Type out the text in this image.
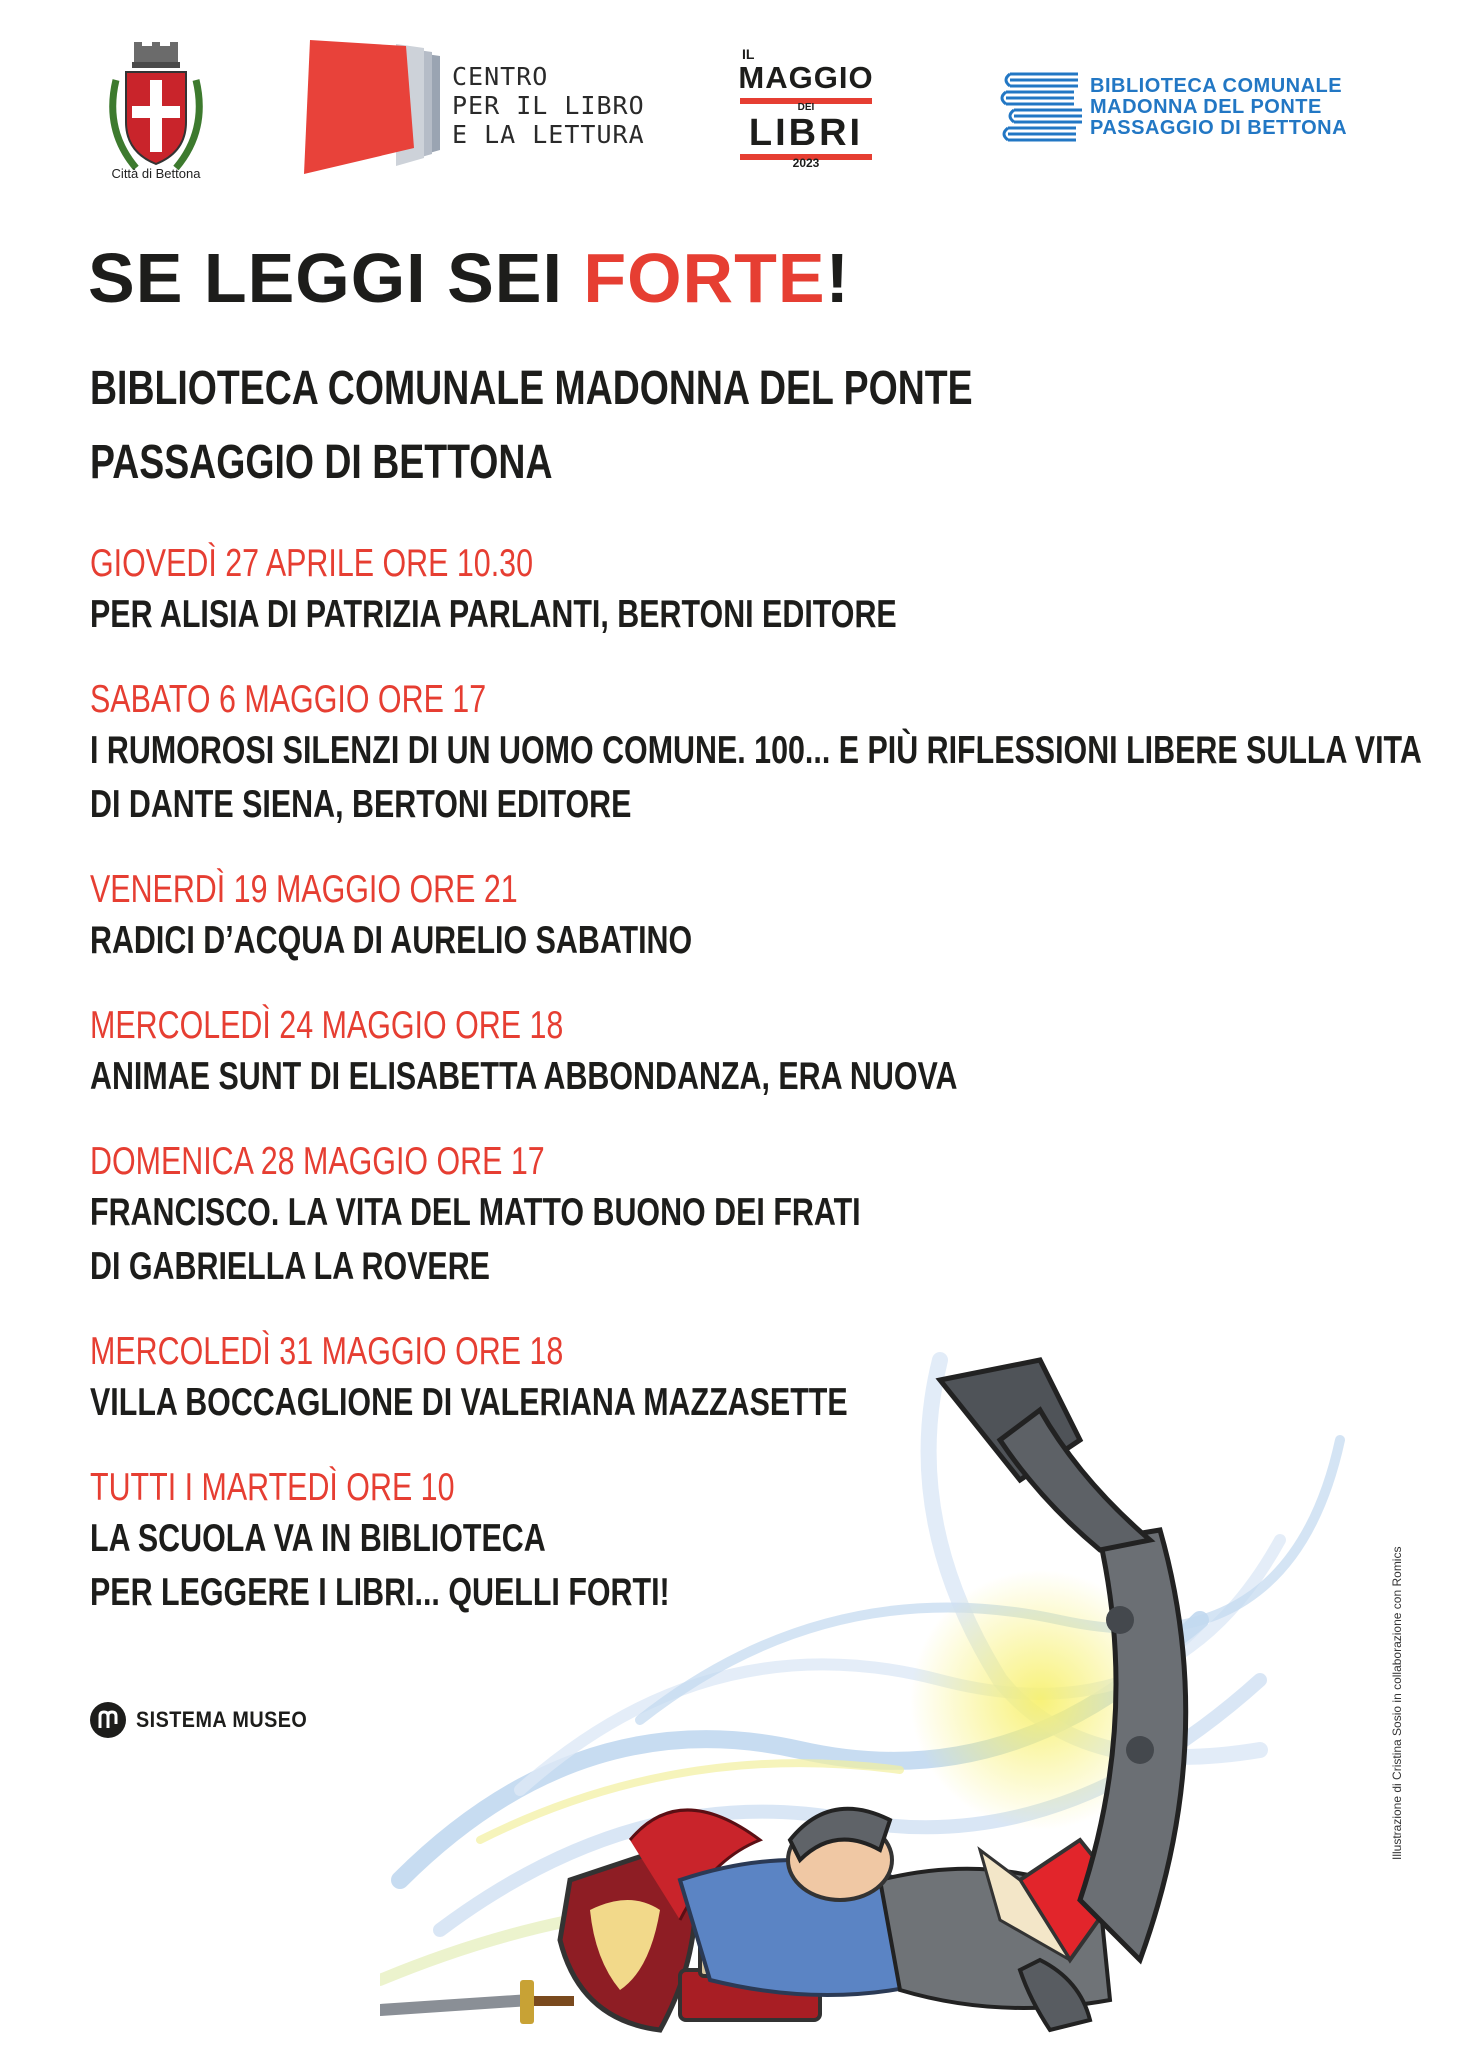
Città di Bettona
CENTRO
PER IL LIBRO
E LA LETTURA
IL
MAGGIO
DEI
LIBRI
2023
BIBLIOTECA COMUNALE
MADONNA DEL PONTE
PASSAGGIO DI BETTONA
SE LEGGI SEI FORTE!
BIBLIOTECA COMUNALE MADONNA DEL PONTE
PASSAGGIO DI BETTONA
GIOVEDÌ 27 APRILE ORE 10.30
PER ALISIA DI PATRIZIA PARLANTI, BERTONI EDITORE
SABATO 6 MAGGIO ORE 17
I RUMOROSI SILENZI DI UN UOMO COMUNE. 100... E PIÙ RIFLESSIONI LIBERE SULLA VITA
DI DANTE SIENA, BERTONI EDITORE
VENERDÌ 19 MAGGIO ORE 21
RADICI D’ACQUA DI AURELIO SABATINO
MERCOLEDÌ 24 MAGGIO ORE 18
ANIMAE SUNT DI ELISABETTA ABBONDANZA, ERA NUOVA
DOMENICA 28 MAGGIO ORE 17
FRANCISCO. LA VITA DEL MATTO BUONO DEI FRATI
DI GABRIELLA LA ROVERE
MERCOLEDÌ 31 MAGGIO ORE 18
VILLA BOCCAGLIONE DI VALERIANA MAZZASETTE
TUTTI I MARTEDÌ ORE 10
LA SCUOLA VA IN BIBLIOTECA
PER LEGGERE I LIBRI... QUELLI FORTI!
SISTEMA MUSEO	Illustrazione di Cristina Sosio in collaborazione con Romics
